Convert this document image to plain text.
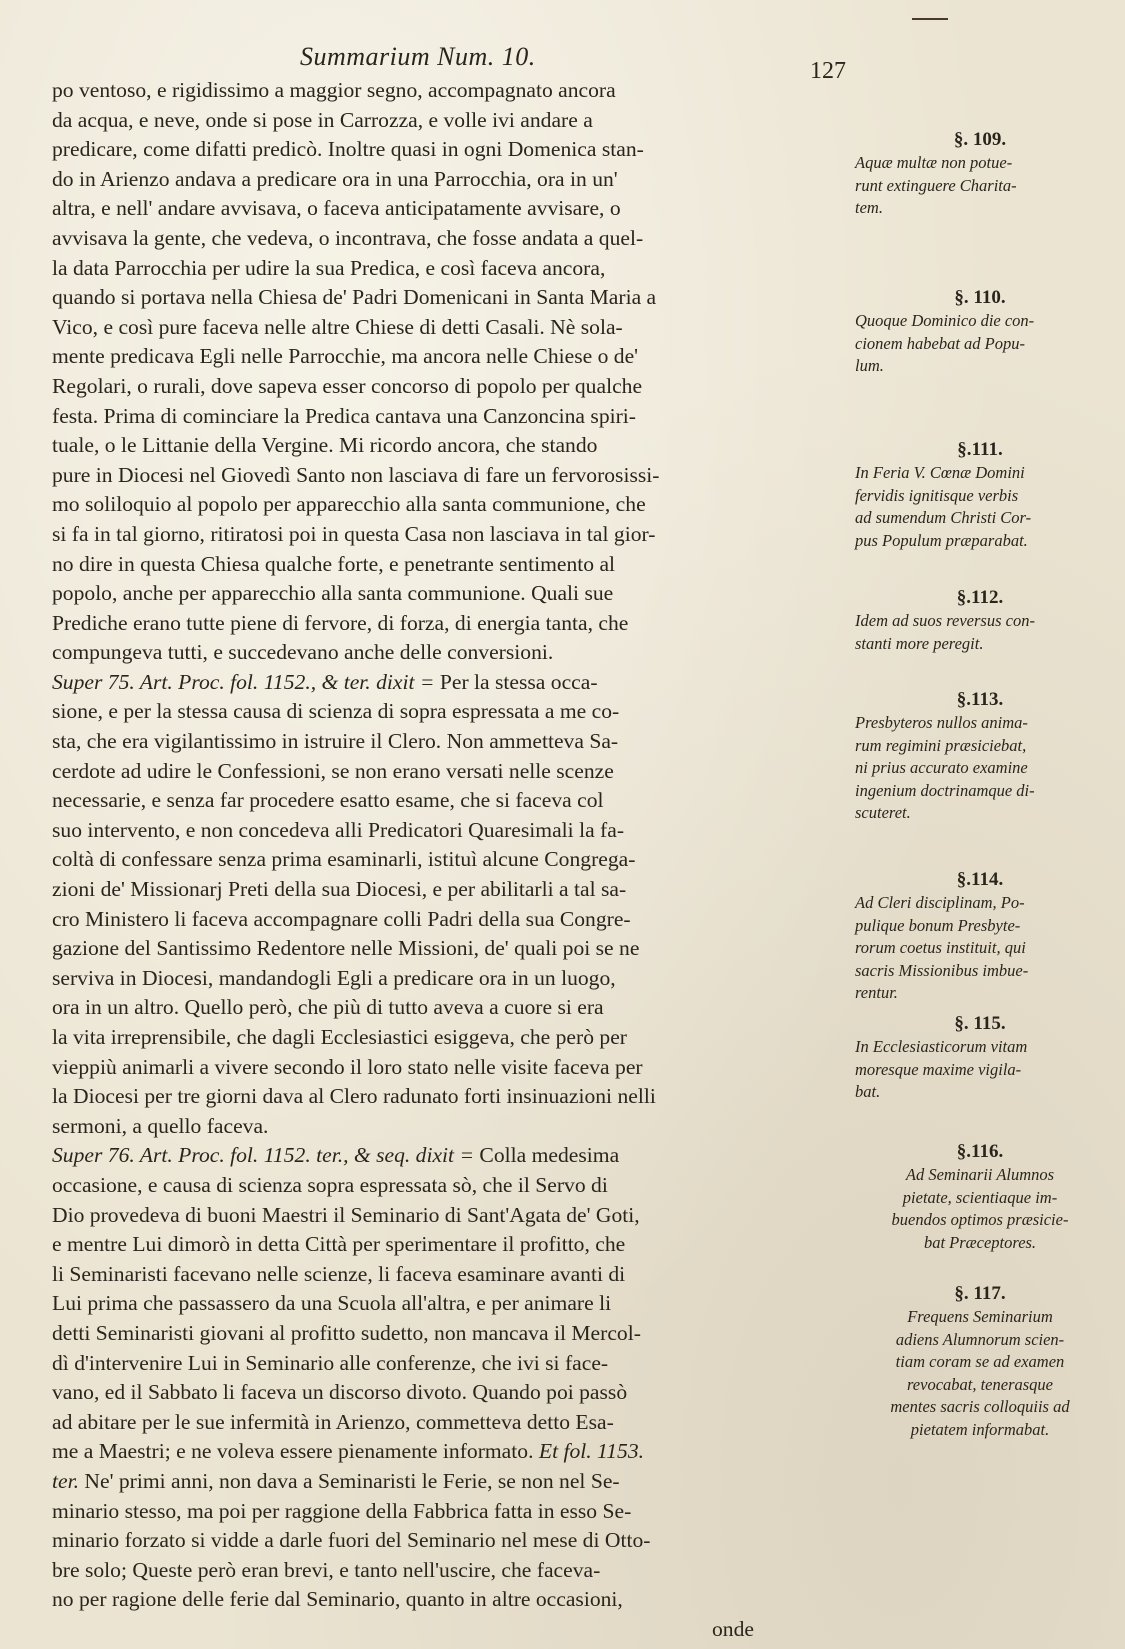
Summarium Num. 10.	127
po ventoso, e rigidissimo a maggior segno, accompagnato ancora
da acqua, e neve, onde si pose in Carrozza, e volle ivi andare a
predicare, come difatti predicò. Inoltre quasi in ogni Domenica stan-
do in Arienzo andava a predicare ora in una Parrocchia, ora in un'
altra, e nell' andare avvisava, o faceva anticipatamente avvisare, o
avvisava la gente, che vedeva, o incontrava, che fosse andata a quel-
la data Parrocchia per udire la sua Predica, e così faceva ancora,
quando si portava nella Chiesa de' Padri Domenicani in Santa Maria a
Vico, e così pure faceva nelle altre Chiese di detti Casali. Nè sola-
mente predicava Egli nelle Parrocchie, ma ancora nelle Chiese o de'
Regolari, o rurali, dove sapeva esser concorso di popolo per qualche
festa. Prima di cominciare la Predica cantava una Canzoncina spiri-
tuale, o le Littanie della Vergine. Mi ricordo ancora, che stando
pure in Diocesi nel Giovedì Santo non lasciava di fare un fervorosissi-
mo soliloquio al popolo per apparecchio alla santa communione, che
si fa in tal giorno, ritiratosi poi in questa Casa non lasciava in tal gior-
no dire in questa Chiesa qualche forte, e penetrante sentimento al
popolo, anche per apparecchio alla santa communione. Quali sue
Prediche erano tutte piene di fervore, di forza, di energia tanta, che
compungeva tutti, e succedevano anche delle conversioni.
Super 75. Art. Proc. fol. 1152., & ter. dixit = Per la stessa occa-
sione, e per la stessa causa di scienza di sopra espressata a me co-
sta, che era vigilantissimo in istruire il Clero. Non ammetteva Sa-
cerdote ad udire le Confessioni, se non erano versati nelle scenze
necessarie, e senza far procedere esatto esame, che si faceva col
suo intervento, e non concedeva alli Predicatori Quaresimali la fa-
coltà di confessare senza prima esaminarli, istituì alcune Congrega-
zioni de' Missionarj Preti della sua Diocesi, e per abilitarli a tal sa-
cro Ministero li faceva accompagnare colli Padri della sua Congre-
gazione del Santissimo Redentore nelle Missioni, de' quali poi se ne
serviva in Diocesi, mandandogli Egli a predicare ora in un luogo,
ora in un altro. Quello però, che più di tutto aveva a cuore si era
la vita irreprensibile, che dagli Ecclesiastici esiggeva, che però per
vieppiù animarli a vivere secondo il loro stato nelle visite faceva per
la Diocesi per tre giorni dava al Clero radunato forti insinuazioni nelli
sermoni, a quello faceva.
Super 76. Art. Proc. fol. 1152. ter., & seq. dixit = Colla medesima
occasione, e causa di scienza sopra espressata sò, che il Servo di
Dio provedeva di buoni Maestri il Seminario di Sant'Agata de' Goti,
e mentre Lui dimorò in detta Città per sperimentare il profitto, che
li Seminaristi facevano nelle scienze, li faceva esaminare avanti di
Lui prima che passassero da una Scuola all'altra, e per animare li
detti Seminaristi giovani al profitto sudetto, non mancava il Mercol-
dì d'intervenire Lui in Seminario alle conferenze, che ivi si face-
vano, ed il Sabbato li faceva un discorso divoto. Quando poi passò
ad abitare per le sue infermità in Arienzo, commetteva detto Esa-
me a Maestri; e ne voleva essere pienamente informato. Et fol. 1153.
ter. Ne' primi anni, non dava a Seminaristi le Ferie, se non nel Se-
minario stesso, ma poi per raggione della Fabbrica fatta in esso Se-
minario forzato si vidde a darle fuori del Seminario nel mese di Otto-
bre solo; Queste però eran brevi, e tanto nell'uscire, che faceva-
no per ragione delle ferie dal Seminario, quanto in altre occasioni,
onde
§. 109.
Aquæ multæ non potue-
runt extinguere Charita-
tem.
§. 110.
Quoque Dominico die con-
cionem habebat ad Popu-
lum.
§.111.
In Feria V. Cœnæ Domini
fervidis ignitisque verbis
ad sumendum Christi Cor-
pus Populum præparabat.
§.112.
Idem ad suos reversus con-
stanti more peregit.
§.113.
Presbyteros nullos anima-
rum regimini præsiciebat,
ni prius accurato examine
ingenium doctrinamque di-
scuteret.
§.114.
Ad Cleri disciplinam, Po-
pulique bonum Presbyte-
rorum coetus instituit, qui
sacris Missionibus imbue-
rentur.
§. 115.
In Ecclesiasticorum vitam
moresque maxime vigila-
bat.
§.116.
Ad Seminarii Alumnos
pietate, scientiaque im-
buendos optimos præsicie-
bat Præceptores.
§. 117.
Frequens Seminarium
adiens Alumnorum scien-
tiam coram se ad examen
revocabat, tenerasque
mentes sacris colloquiis ad
pietatem informabat.
